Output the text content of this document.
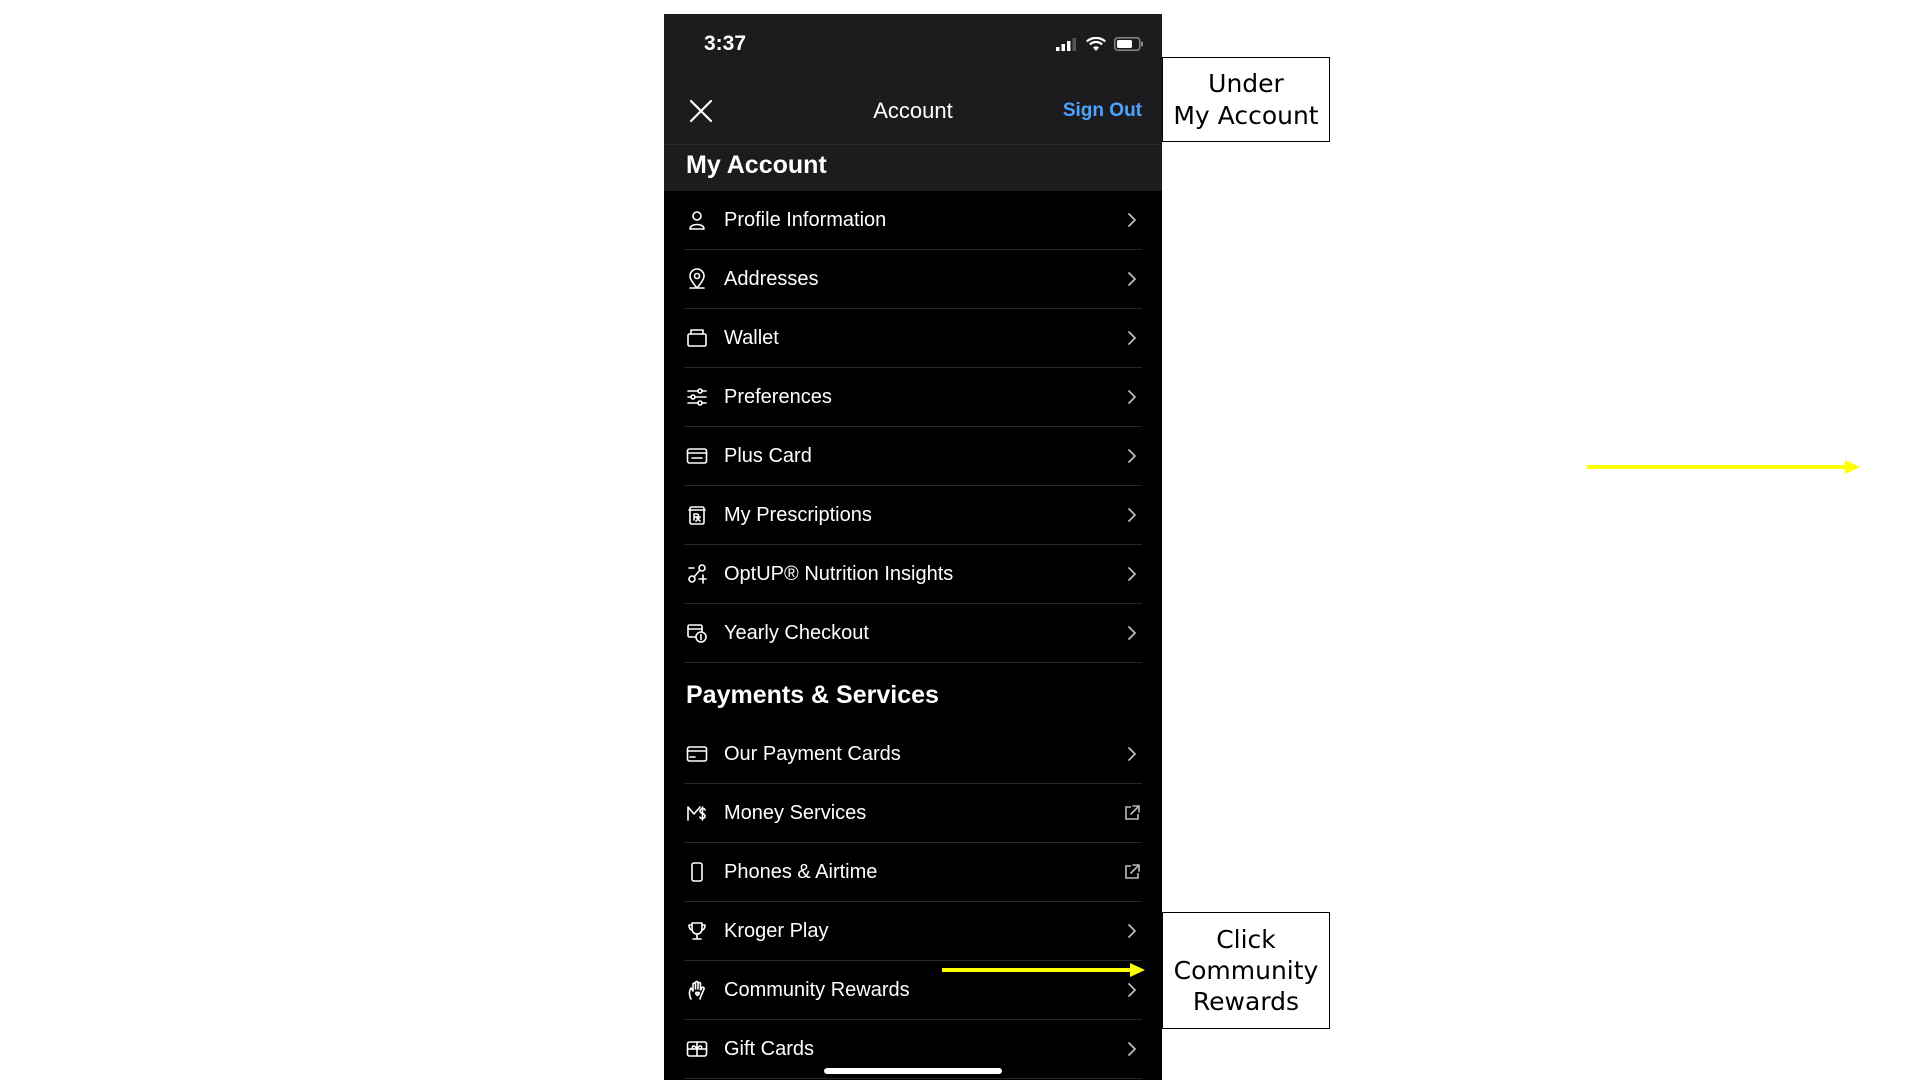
3:37
Account	Sign Out
My Account
Profile Information
Addresses
Wallet
Preferences
Plus Card
My Prescriptions
OptUP® Nutrition Insights
Yearly Checkout
Payments & Services
Our Payment Cards
Money Services
Phones & Airtime
Kroger Play
Community Rewards
Gift Cards
Under
My Account
Click
Community
Rewards
